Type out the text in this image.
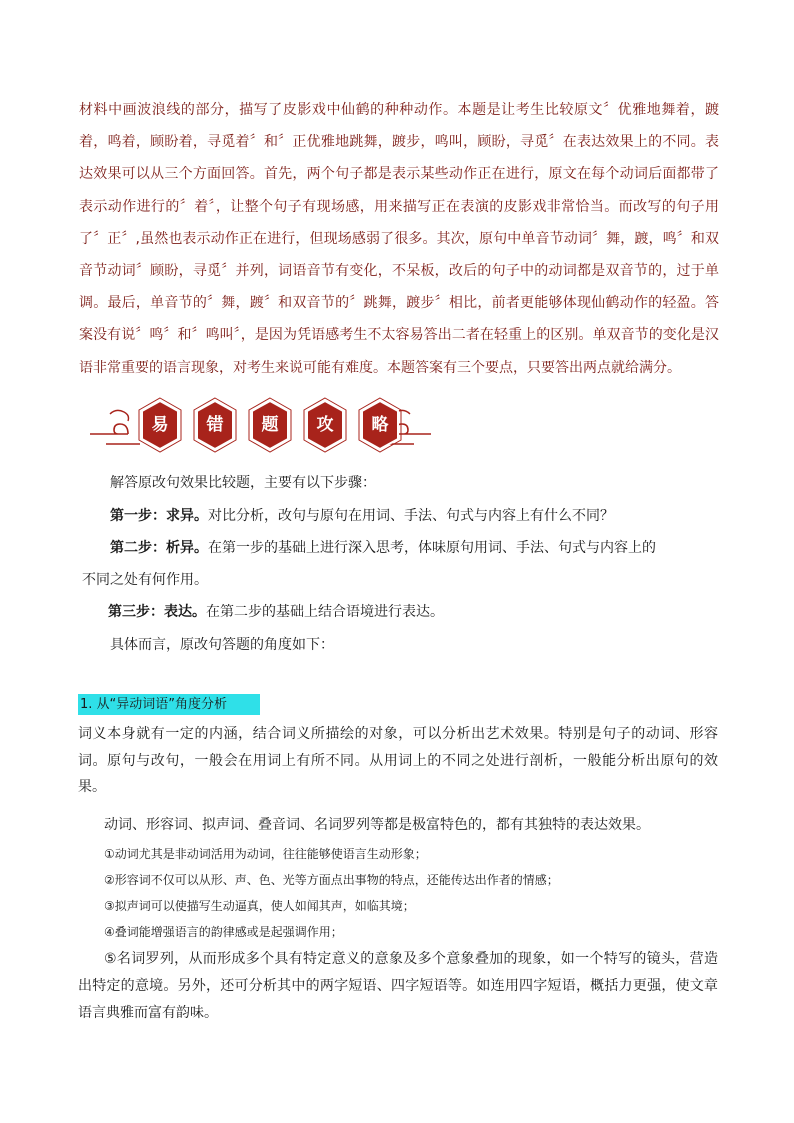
材料中画波浪线的部分，描写了皮影戏中仙鹤的种种动作。本题是让考生比较原文〞优雅地舞着，踱着，鸣着，顾盼着，寻觅着〞和〞正优雅地跳舞，踱步，鸣叫，顾盼，寻觅〞在表达效果上的不同。表达效果可以从三个方面回答。首先，两个句子都是表示某些动作正在进行，原文在每个动词后面都带了表示动作进行的〞着〞，让整个句子有现场感，用来描写正在表演的皮影戏非常恰当。而改写的句子用了〞正〞,虽然也表示动作正在进行，但现场感弱了很多。其次，原句中单音节动词〞舞，踱，鸣〞和双音节动词〞顾盼，寻觅〞并列，词语音节有变化，不呆板，改后的句子中的动词都是双音节的，过于单调。最后，单音节的〞舞，踱〞和双音节的〞跳舞，踱步〞相比，前者更能够体现仙鹤动作的轻盈。答案没有说〞鸣〞和〞鸣叫〞，是因为凭语感考生不太容易答出二者在轻重上的区别。单双音节的变化是汉语非常重要的语言现象，对考生来说可能有难度。本题答案有三个要点，只要答出两点就给满分。

易	错	题	攻	略

解答原改句效果比较题，主要有以下步骤：

第一步：求异。对比分析，改句与原句在用词、手法、句式与内容上有什么不同？

第二步：析异。在第一步的基础上进行深入思考，体味原句用词、手法、句式与内容上的

不同之处有何作用。

第三步：表达。在第二步的基础上结合语境进行表达。

具体而言，原改句答题的角度如下：

1. 从“异动词语”角度分析

词义本身就有一定的内涵，结合词义所描绘的对象，可以分析出艺术效果。特别是句子的动词、形容词。原句与改句，一般会在用词上有所不同。从用词上的不同之处进行剖析，一般能分析出原句的效果。

动词、形容词、拟声词、叠音词、名词罗列等都是极富特色的，都有其独特的表达效果。

①动词尤其是非动词活用为动词，往往能够使语言生动形象；

②形容词不仅可以从形、声、色、光等方面点出事物的特点，还能传达出作者的情感；

③拟声词可以使描写生动逼真，使人如闻其声，如临其境；

④叠词能增强语言的韵律感或是起强调作用；

⑤名词罗列，从而形成多个具有特定意义的意象及多个意象叠加的现象，如一个特写的镜头，营造出特定的意境。另外，还可分析其中的两字短语、四字短语等。如连用四字短语，概括力更强，使文章语言典雅而富有韵味。
